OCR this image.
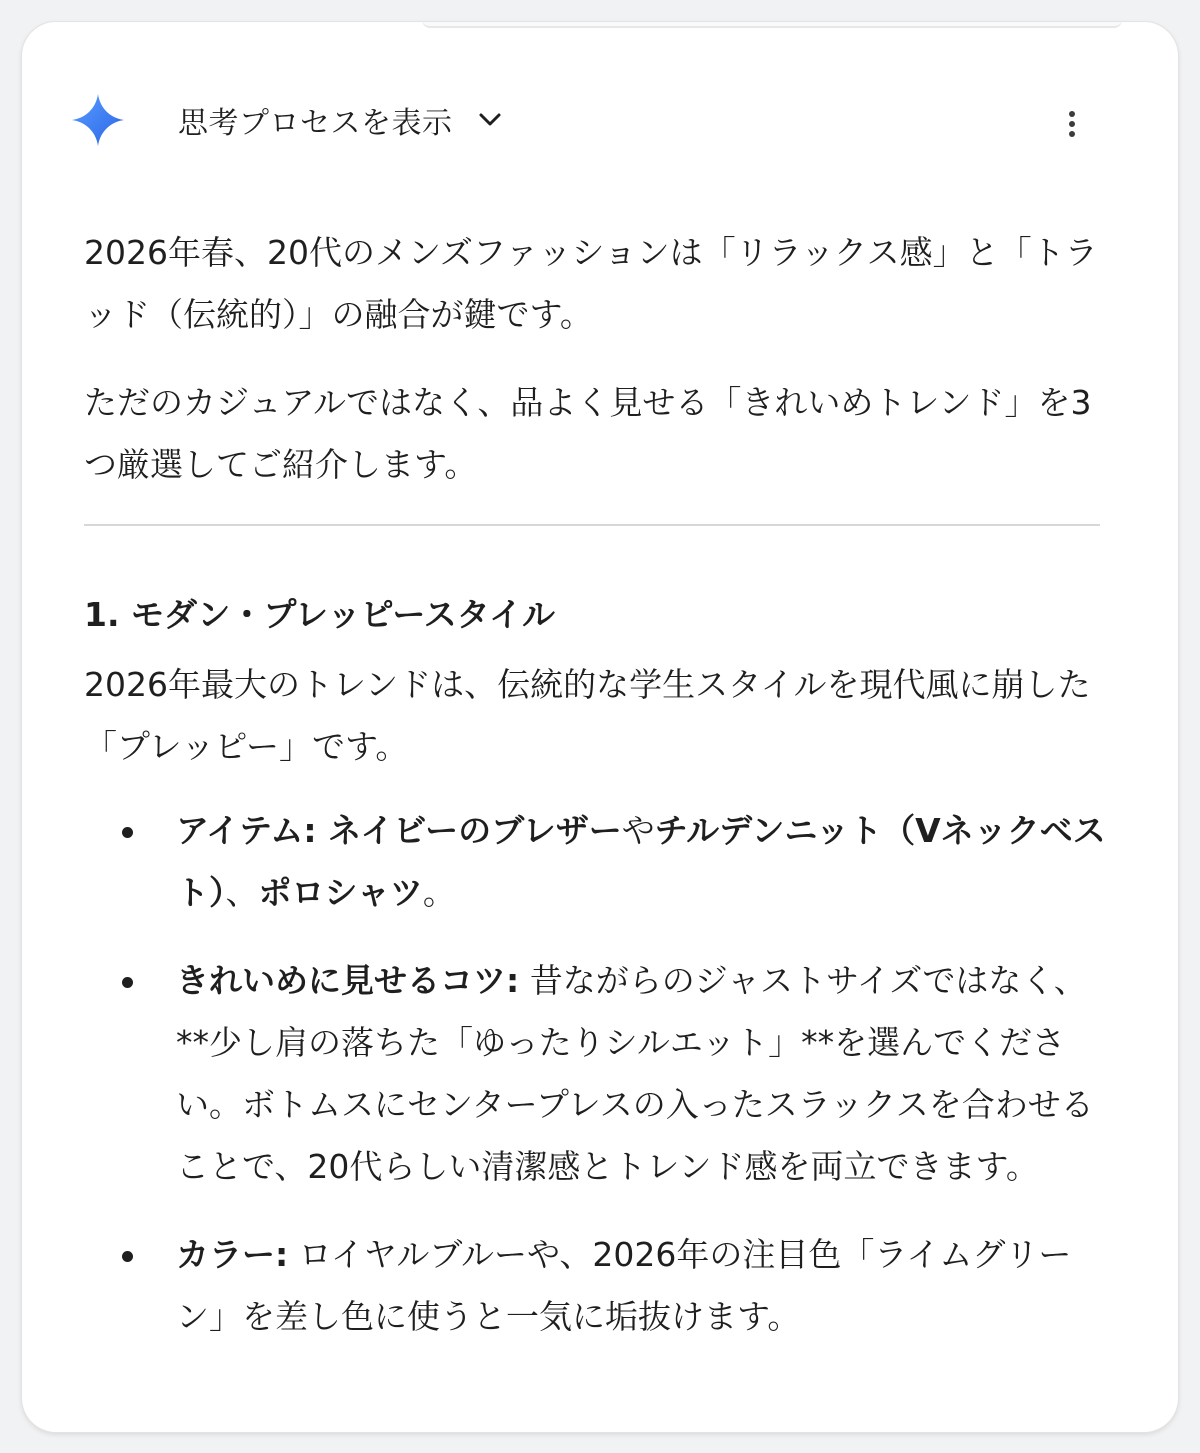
思考プロセスを表示

2026年春、20代のメンズファッションは「リラックス感」と「トラッド（伝統的）」の融合が鍵です。

ただのカジュアルではなく、品よく見せる「きれいめトレンド」を3つ厳選してご紹介します。

1. モダン・プレッピースタイル

2026年最大のトレンドは、伝統的な学生スタイルを現代風に崩した「プレッピー」です。

アイテム: ネイビーのブレザーやチルデンニット（Vネックベスト）、ポロシャツ。
きれいめに見せるコツ: 昔ながらのジャストサイズではなく、**少し肩の落ちた「ゆったりシルエット」**を選んでください。ボトムスにセンタープレスの入ったスラックスを合わせることで、20代らしい清潔感とトレンド感を両立できます。
カラー: ロイヤルブルーや、2026年の注目色「ライムグリーン」を差し色に使うと一気に垢抜けます。
